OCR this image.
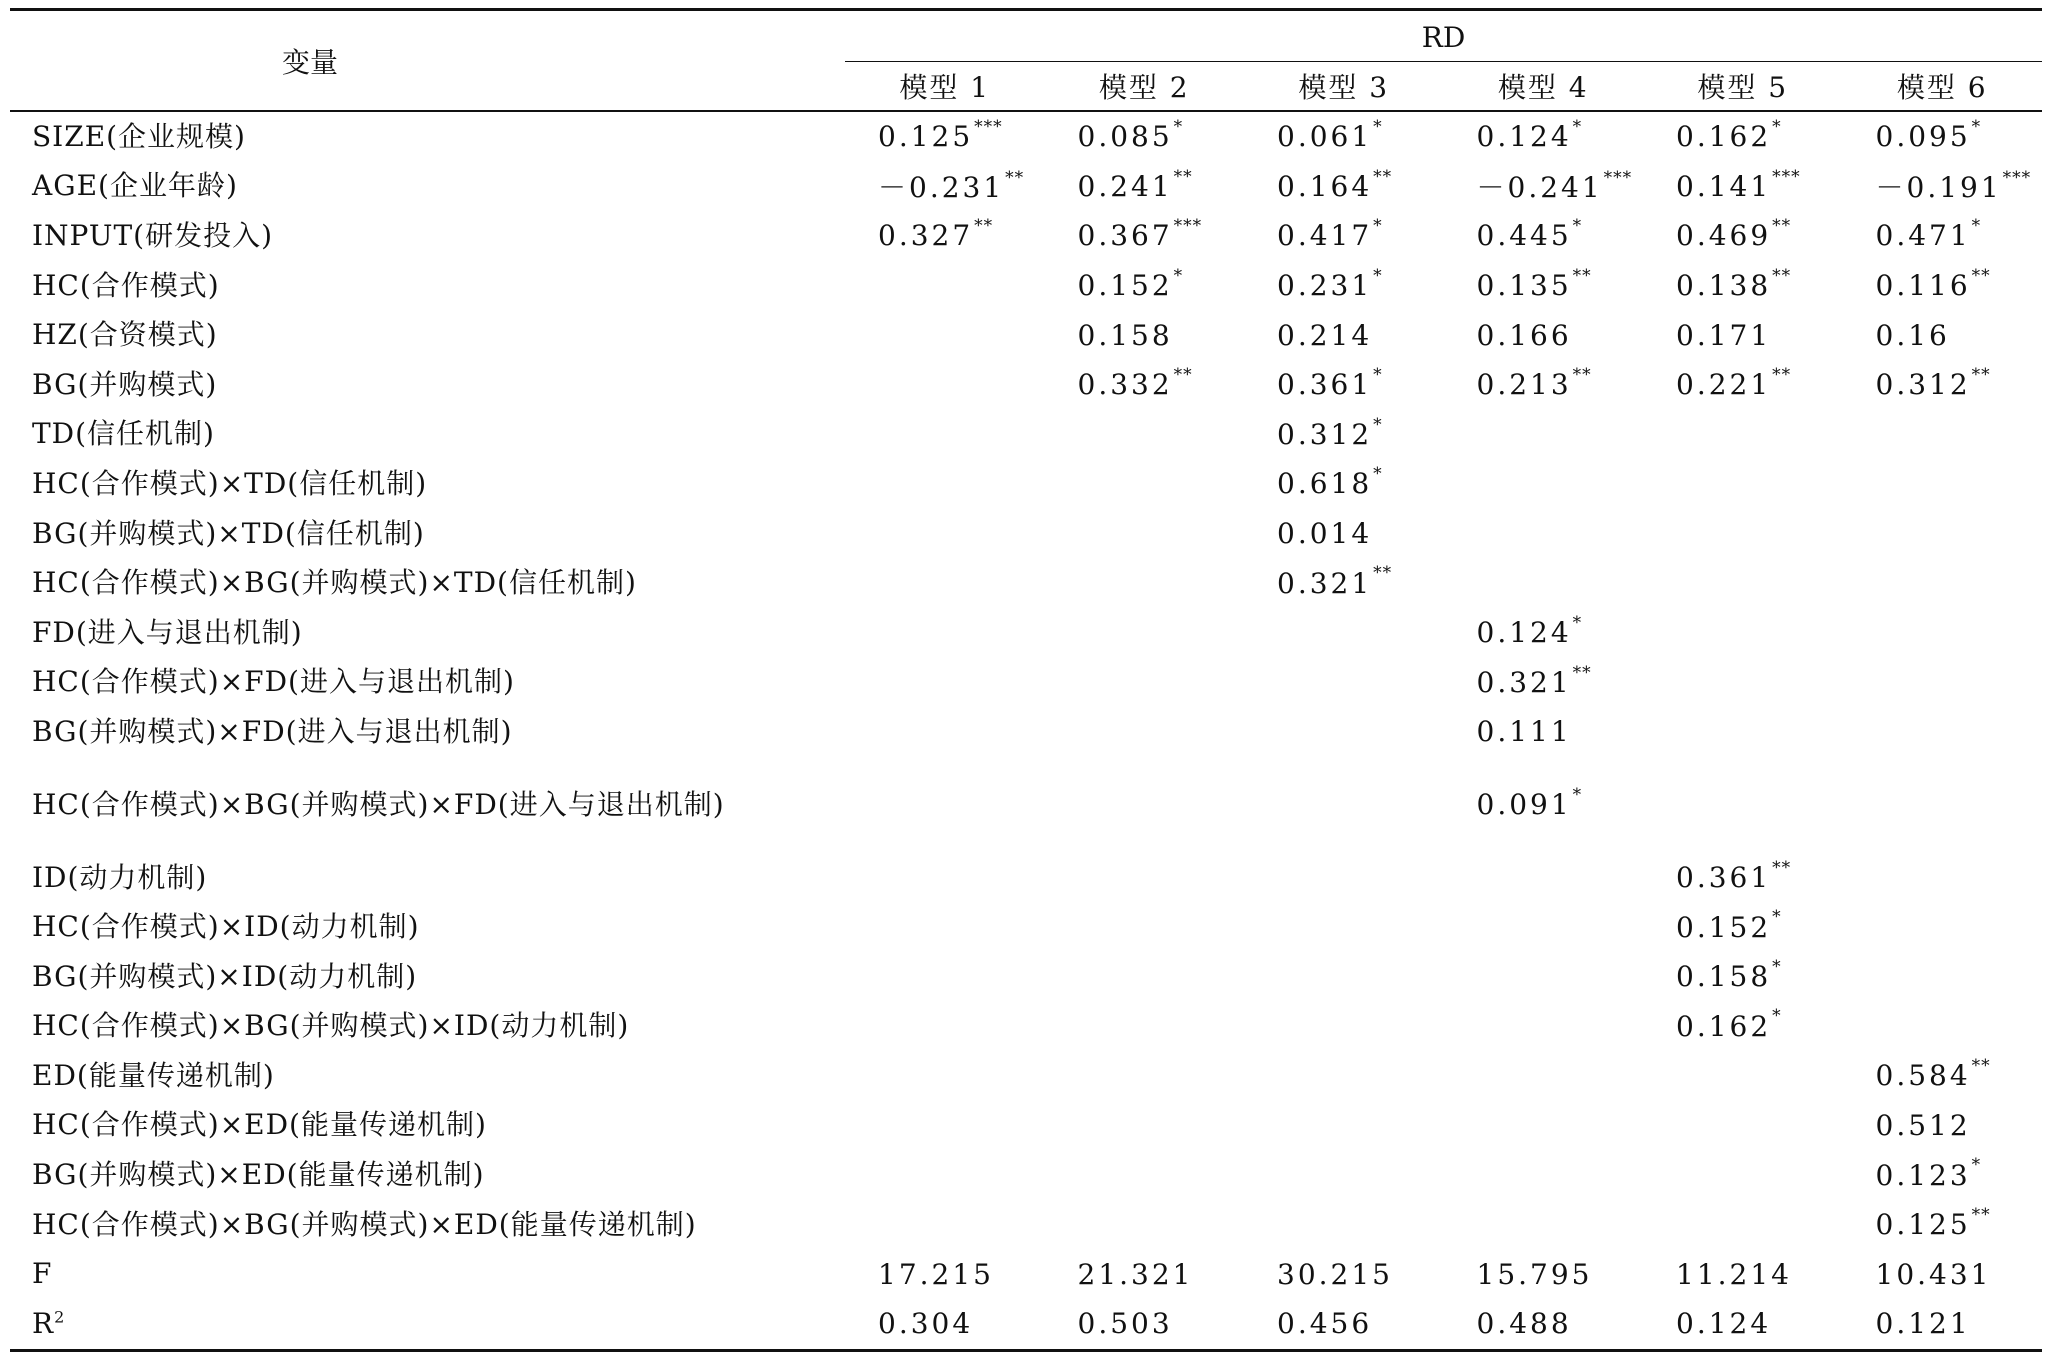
变量	RD					
	模型 1	模型 2	模型 3	模型 4	模型 5	模型 6
SIZE(企业规模)	0.125***	0.085*	0.061*	0.124*	0.162*	0.095*
AGE(企业年龄)	－0.231**	0.241**	0.164**	－0.241***	0.141***	－0.191***
INPUT(研发投入)	0.327**	0.367***	0.417*	0.445*	0.469**	0.471*
HC(合作模式)		0.152*	0.231*	0.135**	0.138**	0.116**
HZ(合资模式)		0.158	0.214	0.166	0.171	0.16
BG(并购模式)		0.332**	0.361*	0.213**	0.221**	0.312**
TD(信任机制)			0.312*			
HC(合作模式)×TD(信任机制)			0.618*			
BG(并购模式)×TD(信任机制)			0.014			
HC(合作模式)×BG(并购模式)×TD(信任机制)			0.321**			
FD(进入与退出机制)				0.124*		
HC(合作模式)×FD(进入与退出机制)				0.321**		
BG(并购模式)×FD(进入与退出机制)				0.111		
HC(合作模式)×BG(并购模式)×FD(进入与退出机制)				0.091*		
ID(动力机制)					0.361**	
HC(合作模式)×ID(动力机制)					0.152*	
BG(并购模式)×ID(动力机制)					0.158*	
HC(合作模式)×BG(并购模式)×ID(动力机制)					0.162*	
ED(能量传递机制)						0.584**
HC(合作模式)×ED(能量传递机制)						0.512
BG(并购模式)×ED(能量传递机制)						0.123*
HC(合作模式)×BG(并购模式)×ED(能量传递机制)						0.125**
F	17.215	21.321	30.215	15.795	11.214	10.431
$R^2$	0.304	0.503	0.456	0.488	0.124	0.121
